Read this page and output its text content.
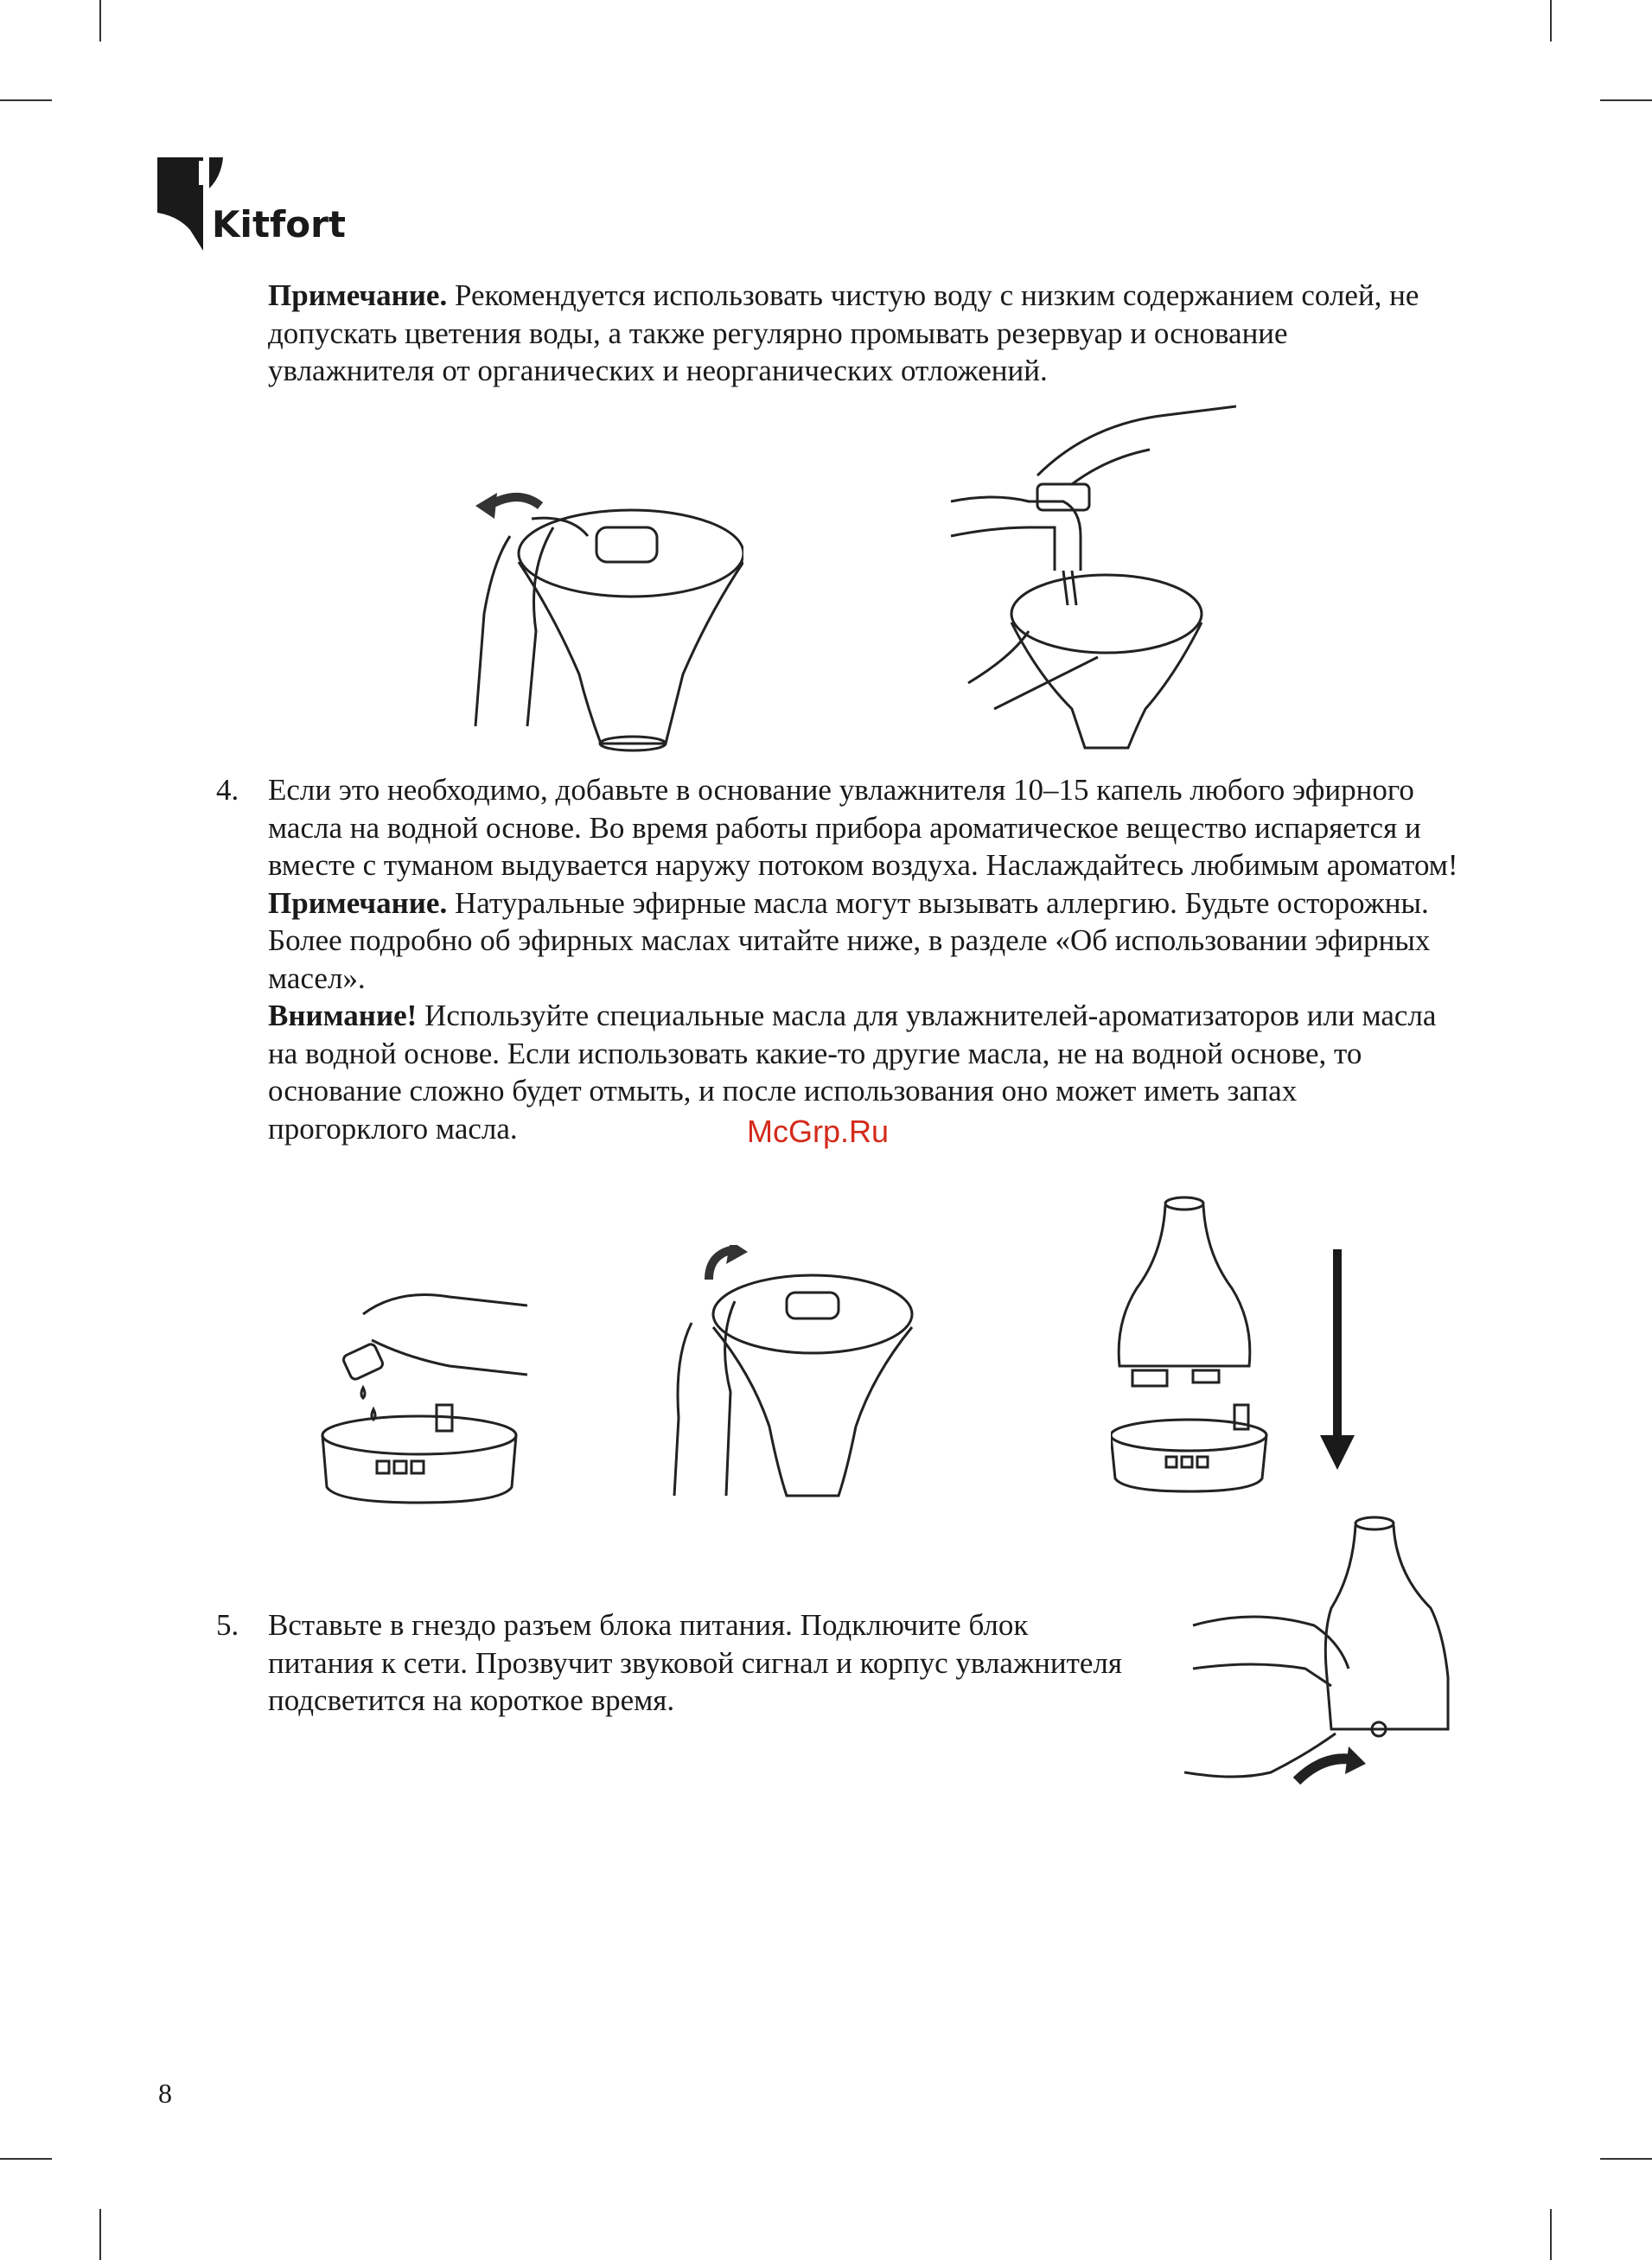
Kitfort

Примечание. Рекомендуется использовать чистую воду с низким содержанием солей, не допускать цветения воды, а также регулярно промывать резервуар и основание увлажнителя от органических и неорганических отложений.

4. Если это необходимо, добавьте в основание увлажнителя 10–15 капель любого эфирного масла на водной основе. Во время работы прибора ароматическое вещество испаряется и вместе с туманом выдувается наружу потоком воздуха. Наслаждайтесь любимым ароматом!
Примечание. Натуральные эфирные масла могут вызывать аллергию. Будьте осторожны. Более подробно об эфирных маслах читайте ниже, в разделе «Об использовании эфирных масел».
Внимание! Используйте специальные масла для увлажнителей-ароматизаторов или масла на водной основе. Если использовать какие-то другие масла, не на водной основе, то основание сложно будет отмыть, и после использования оно может иметь запах прогорклого масла.	McGrp.Ru
5. Вставьте в гнездо разъем блока питания. Подключите блок питания к сети. Прозвучит звуковой сигнал и корпус увлажнителя подсветится на короткое время.

8
